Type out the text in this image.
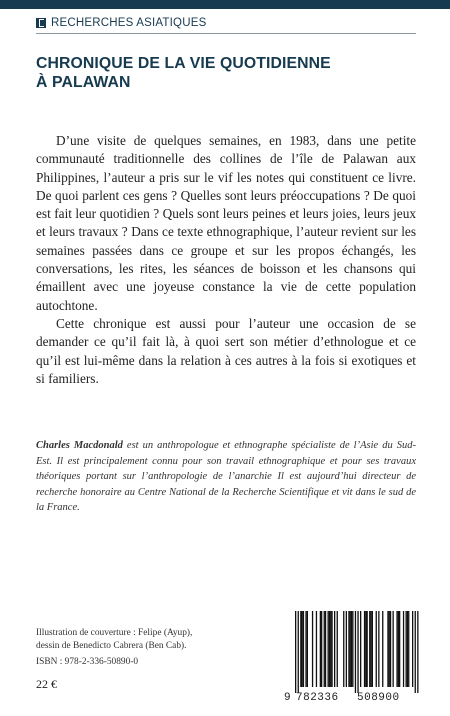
RECHERCHES ASIATIQUES
CHRONIQUE DE LA VIE QUOTIDIENNE
À PALAWAN

D’une visite de quelques semaines, en 1983, dans une petite communauté traditionnelle des collines de l’île de Palawan aux Philippines, l’auteur a pris sur le vif les notes qui constituent ce livre. De quoi parlent ces gens ? Quelles sont leurs préoccupations ? De quoi est fait leur quotidien ? Quels sont leurs peines et leurs joies, leurs jeux et leurs travaux ? Dans ce texte ethnographique, l’auteur revient sur les semaines passées dans ce groupe et sur les propos échangés, les conversations, les rites, les séances de boisson et les chansons qui émaillent avec une joyeuse constance la vie de cette population autochtone.

Cette chronique est aussi pour l’auteur une occasion de se demander ce qu’il fait là, à quoi sert son métier d’ethnologue et ce qu’il est lui-même dans la relation à ces autres à la fois si exotiques et si familiers.

Charles Macdonald est un anthropologue et ethnographe spécialiste de l’Asie du Sud-Est. Il est principalement connu pour son travail ethnographique et pour ses travaux théoriques portant sur l’anthropologie de l’anarchie Il est aujourd’hui directeur de recherche honoraire au Centre National de la Recherche Scientifique et vit dans le sud de la France.

Illustration de couverture : Felipe (Ayup),
dessin de Benedicto Cabrera (Ben Cab).
ISBN : 978-2-336-50890-0
22 €
9 782336 508900
